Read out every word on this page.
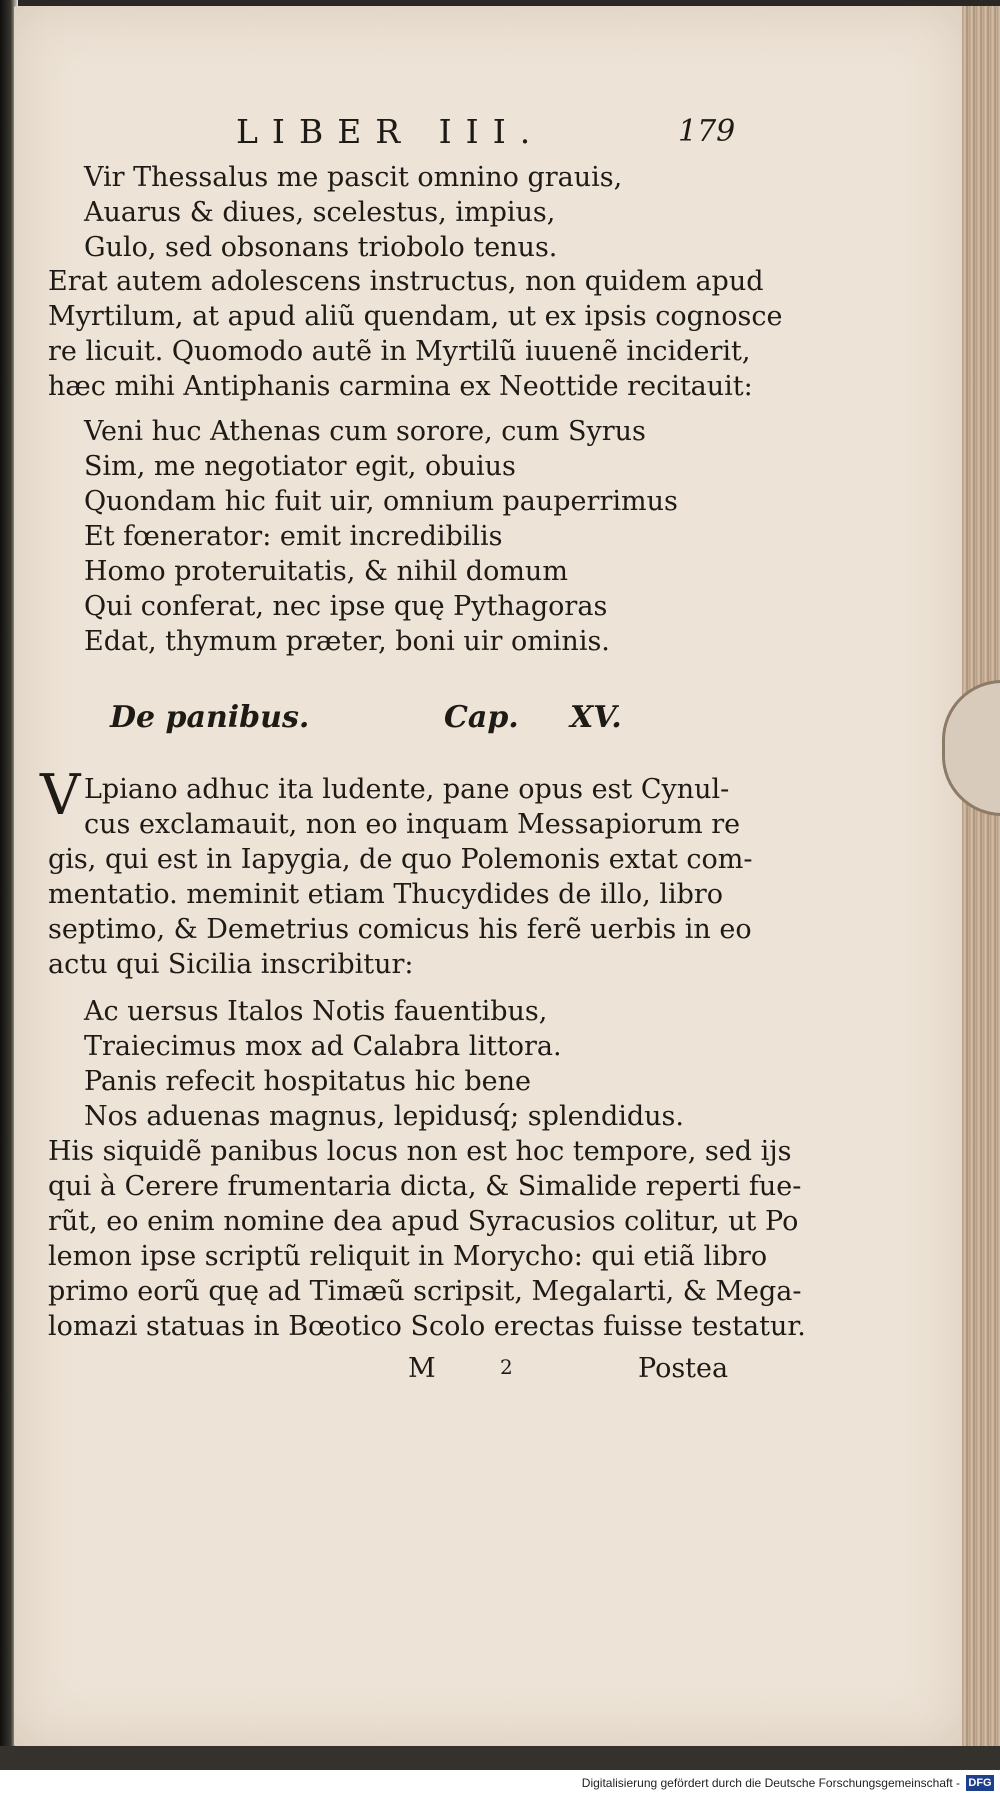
LIBER III.	179
Vir Thessalus me pascit omnino grauis,
Auarus & diues, scelestus, impius,
Gulo, sed obsonans triobolo tenus.
Erat autem adolescens instructus, non quidem apud
Myrtilum, at apud aliũ quendam, ut ex ipsis cognosce
re licuit. Quomodo autẽ in Myrtilũ iuuenẽ inciderit,
hæc mihi Antiphanis carmina ex Neottide recitauit:
Veni huc Athenas cum sorore, cum Syrus
Sim, me negotiator egit, obuius
Quondam hic fuit uir, omnium pauperrimus
Et fœnerator: emit incredibilis
Homo proteruitatis, & nihil domum
Qui conferat, nec ipse quę Pythagoras
Edat, thymum præter, boni uir ominis.
De panibus.	Cap. XV.
V Lpiano adhuc ita ludente, pane opus est Cynul-
cus exclamauit, non eo inquam Messapiorum re
gis, qui est in Iapygia, de quo Polemonis extat com-
mentatio. meminit etiam Thucydides de illo, libro
septimo, & Demetrius comicus his ferẽ uerbis in eo
actu qui Sicilia inscribitur:
Ac uersus Italos Notis fauentibus,
Traiecimus mox ad Calabra littora.
Panis refecit hospitatus hic bene
Nos aduenas magnus, lepidusq́; splendidus.
His siquidẽ panibus locus non est hoc tempore, sed ijs
qui à Cerere frumentaria dicta, & Simalide reperti fue-
rũt, eo enim nomine dea apud Syracusios colitur, ut Po
lemon ipse scriptũ reliquit in Morycho: qui etiã libro
primo eorũ quę ad Timæũ scripsit, Megalarti, & Mega-
lomazi statuas in Bœotico Scolo erectas fuisse testatur.
M	2	Postea
Digitalisierung gefördert durch die Deutsche Forschungsgemeinschaft - DFG
